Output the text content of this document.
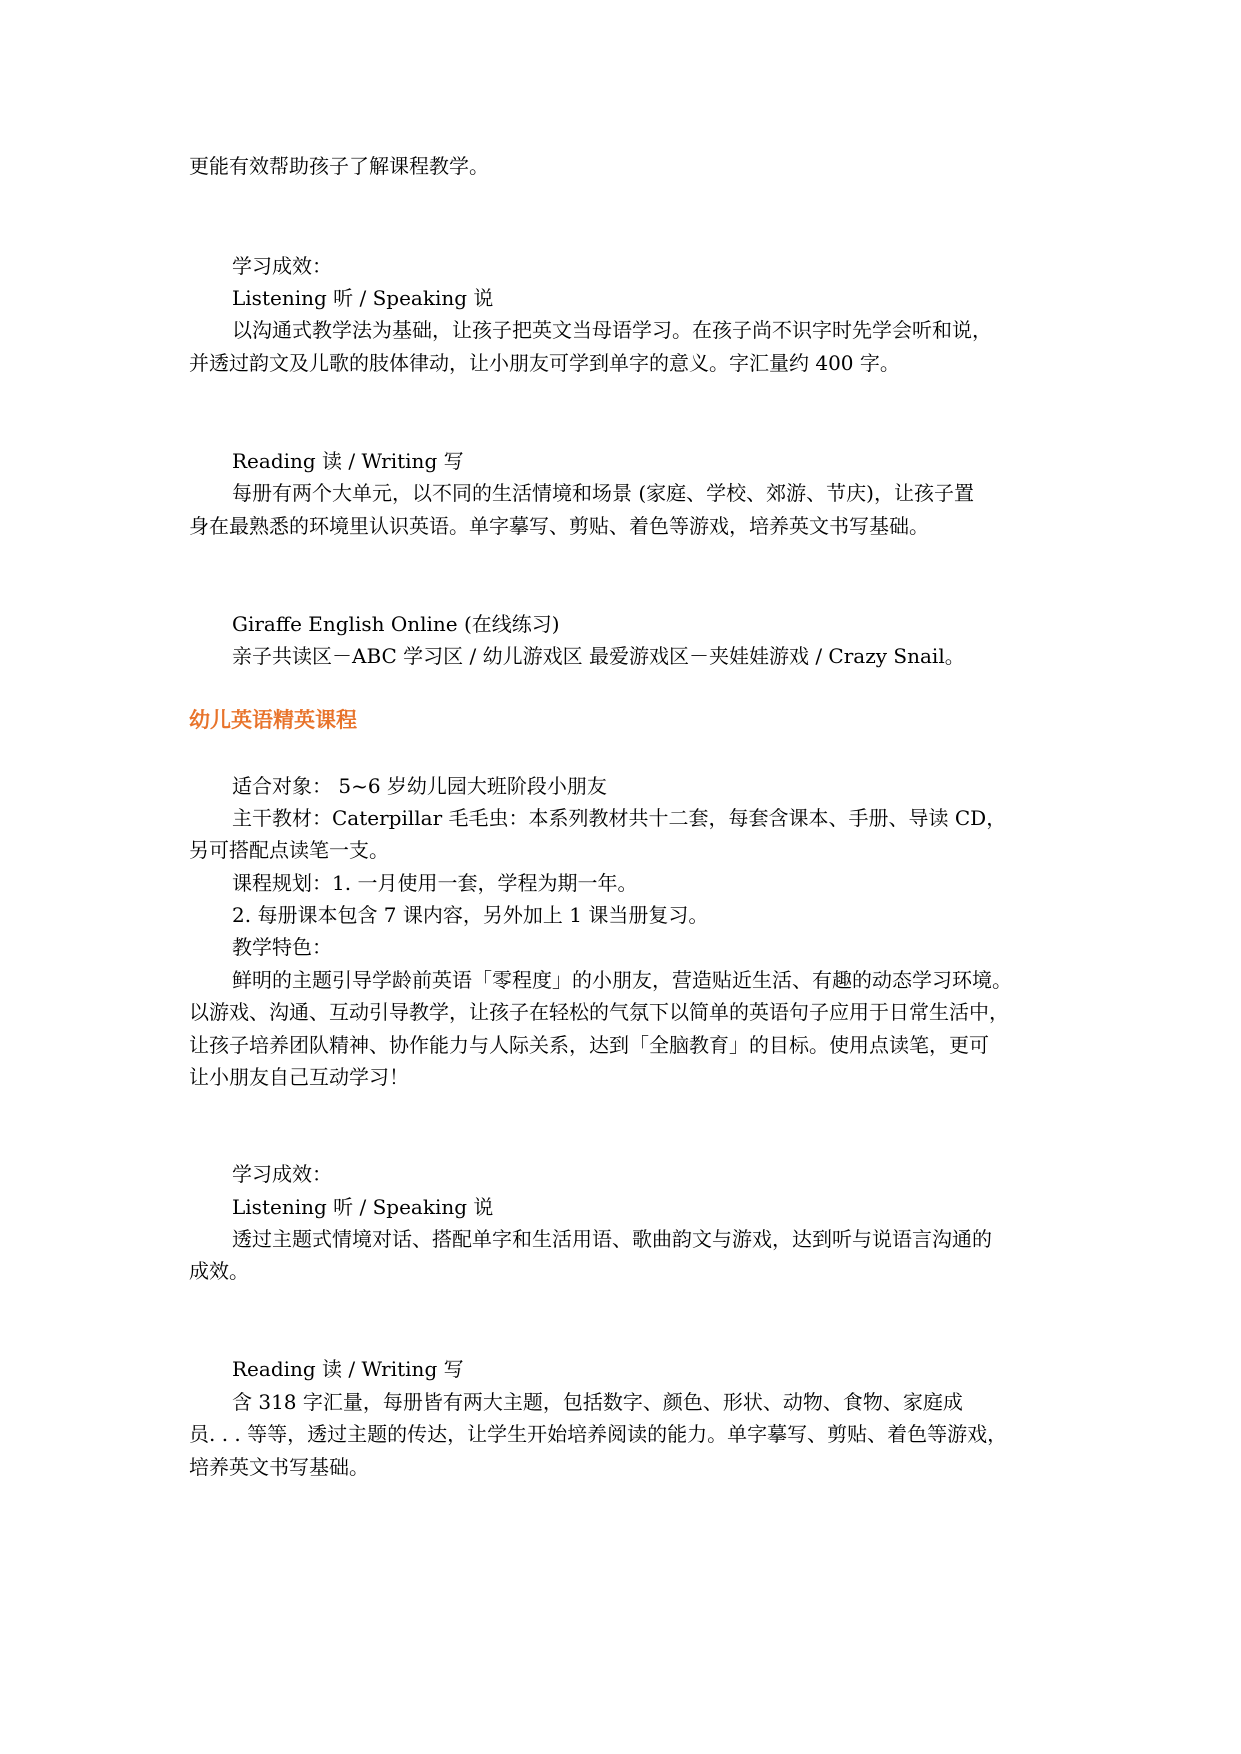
更能有效帮助孩子了解课程教学。
学习成效：
Listening 听 / Speaking 说
以沟通式教学法为基础，让孩子把英文当母语学习。在孩子尚不识字时先学会听和说，
并透过韵文及儿歌的肢体律动，让小朋友可学到单字的意义。字汇量约 400 字。
Reading 读 / Writing 写
每册有两个大单元，以不同的生活情境和场景 (家庭、学校、郊游、节庆)，让孩子置
身在最熟悉的环境里认识英语。单字摹写、剪贴、着色等游戏，培养英文书写基础。
Giraffe English Online (在线练习)
亲子共读区－ABC 学习区 / 幼儿游戏区 最爱游戏区－夹娃娃游戏 / Crazy Snail。
幼儿英语精英课程
适合对象： 5~6 岁幼儿园大班阶段小朋友
主干教材：Caterpillar 毛毛虫：本系列教材共十二套，每套含课本、手册、导读 CD，
另可搭配点读笔一支。
课程规划：1. 一月使用一套，学程为期一年。
2. 每册课本包含 7 课内容，另外加上 1 课当册复习。
教学特色：
鲜明的主题引导学龄前英语「零程度」的小朋友，营造贴近生活、有趣的动态学习环境。
以游戏、沟通、互动引导教学，让孩子在轻松的气氛下以简单的英语句子应用于日常生活中，
让孩子培养团队精神、协作能力与人际关系，达到「全脑教育」的目标。使用点读笔，更可
让小朋友自己互动学习！
学习成效：
Listening 听 / Speaking 说
透过主题式情境对话、搭配单字和生活用语、歌曲韵文与游戏，达到听与说语言沟通的
成效。
Reading 读 / Writing 写
含 318 字汇量，每册皆有两大主题，包括数字、颜色、形状、动物、食物、家庭成
员. . . 等等，透过主题的传达，让学生开始培养阅读的能力。单字摹写、剪贴、着色等游戏，
培养英文书写基础。
